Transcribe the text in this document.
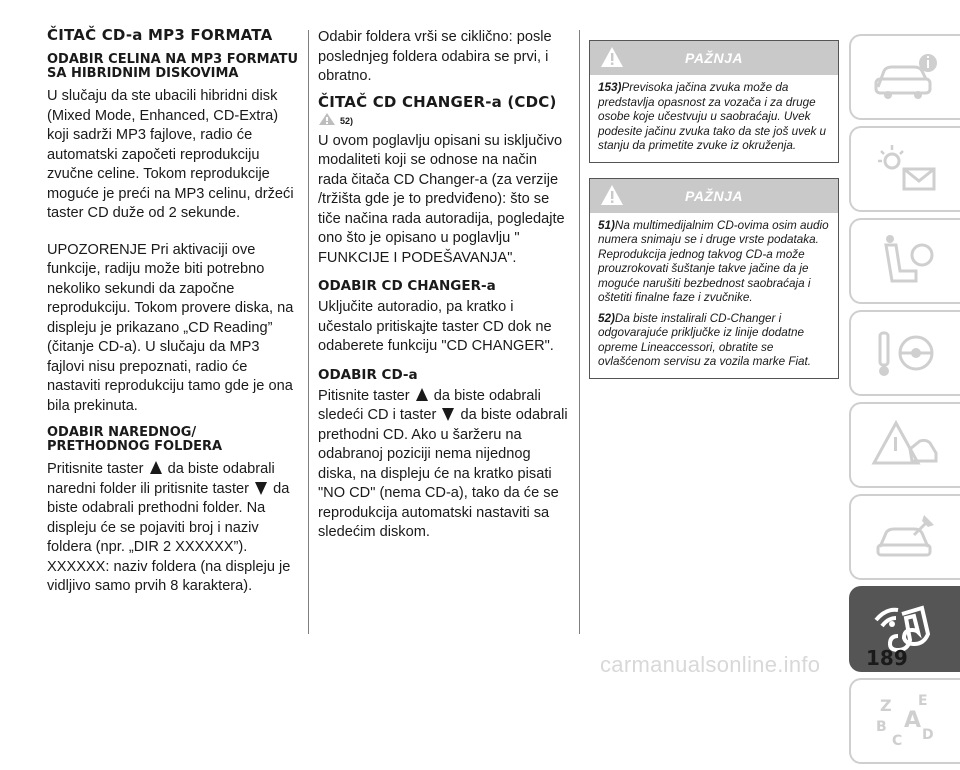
ČITAČ CD-a MP3 FORMATA
ODABIR CELINA NA MP3 FORMATU SA HIBRIDNIM DISKOVIMA

U slučaju da ste ubacili hibridni disk (Mixed Mode, Enhanced, CD-Extra) koji sadrži MP3 fajlove, radio će automatski započeti reprodukciju zvučne celine. Tokom reprodukcije moguće je preći na MP3 celinu, držeći taster CD duže od 2 sekunde.

UPOZORENJE Pri aktivaciji ove funkcije, radiju može biti potrebno nekoliko sekundi da započne reprodukciju. Tokom provere diska, na displeju je prikazano „CD Reading” (čitanje CD-a). U slučaju da MP3 fajlovi nisu prepoznati, radio će nastaviti reprodukciju tamo gde je ona bila prekinuta.

ODABIR NAREDNOG/ PRETHODNOG FOLDERA

Pritisnite taster da biste odabrali naredni folder ili pritisnite taster da biste odabrali prethodni folder. Na displeju će se pojaviti broj i naziv foldera (npr. „DIR 2 XXXXXX”). XXXXXX: naziv foldera (na displeju je vidljivo samo prvih 8 karaktera).

Odabir foldera vrši se ciklično: posle poslednjeg foldera odabira se prvi, i obratno.

ČITAČ CD CHANGER-a (CDC)
52)

U ovom poglavlju opisani su isključivo modaliteti koji se odnose na način rada čitača CD Changer-a (za verzije /tržišta gde je to predviđeno): što se tiče načina rada autoradija, pogledajte ono što je opisano u poglavlju " FUNKCIJE I PODEŠAVANJA".

ODABIR CD CHANGER-a

Uključite autoradio, pa kratko i učestalo pritiskajte taster CD dok ne odaberete funkciju "CD CHANGER".

ODABIR CD-a

Pitisnite taster da biste odabrali sledeći CD i taster da biste odabrali prethodni CD. Ako u šaržeru na odabranoj poziciji nema nijednog diska, na displeju će na kratko pisati "NO CD" (nema CD-a), tako da će se reprodukcija automatski nastaviti sa sledećim diskom.

PAŽNJA
153)Previsoka jačina zvuka može da predstavlja opasnost za vozača i za druge osobe koje učestvuju u saobraćaju. Uvek podesite jačinu zvuka tako da ste još uvek u stanju da primetite zvuke iz okruženja.
PAŽNJA
51)Na multimedijalnim CD-ovima osim audio numera snimaju se i druge vrste podataka. Reprodukcija jednog takvog CD-a može prouzrokovati šuštanje takve jačine da je moguće narušiti bezbednost saobraćaja i oštetiti finalne faze i zvučnike.
52)Da biste instalirali CD-Changer i odgovarajuće priključke iz linije dodatne opreme Lineaccessori, obratite se ovlašćenom servisu za vozila marke Fiat.
Z E
B A
C D
189
carmanualsonline.info
